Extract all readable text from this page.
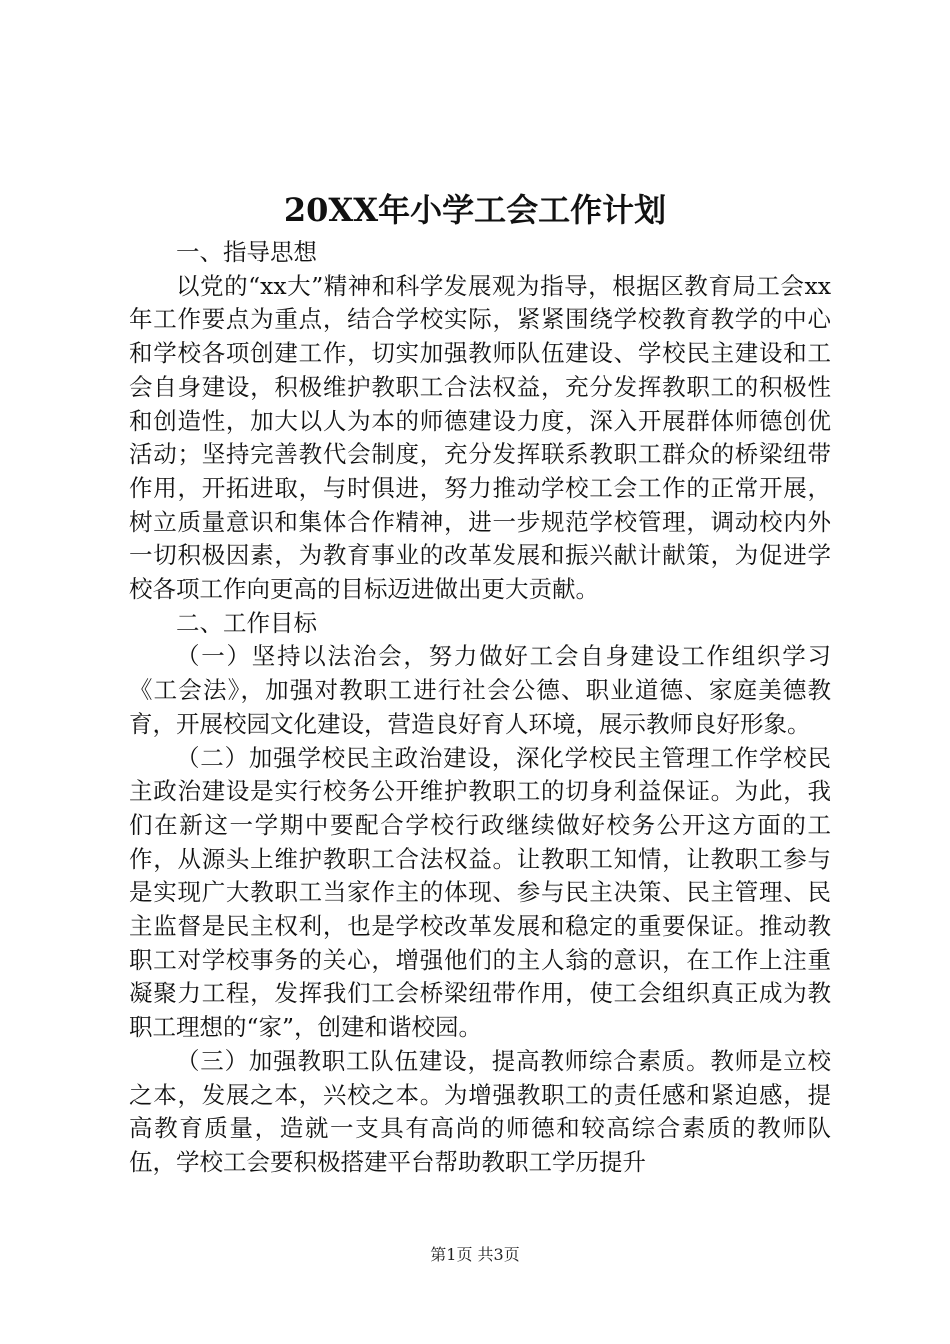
20XX年小学工会工作计划

一、指导思想

以党的“xx大”精神和科学发展观为指导，根据区教育局工会xx年工作要点为重点，结合学校实际，紧紧围绕学校教育教学的中心和学校各项创建工作，切实加强教师队伍建设、学校民主建设和工会自身建设，积极维护教职工合法权益，充分发挥教职工的积极性和创造性，加大以人为本的师德建设力度，深入开展群体师德创优活动；坚持完善教代会制度，充分发挥联系教职工群众的桥梁纽带作用，开拓进取，与时俱进，努力推动学校工会工作的正常开展，树立质量意识和集体合作精神，进一步规范学校管理，调动校内外一切积极因素，为教育事业的改革发展和振兴献计献策，为促进学校各项工作向更高的目标迈进做出更大贡献。

二、工作目标

（一）坚持以法治会，努力做好工会自身建设工作组织学习《工会法》，加强对教职工进行社会公德、职业道德、家庭美德教育，开展校园文化建设，营造良好育人环境，展示教师良好形象。

（二）加强学校民主政治建设，深化学校民主管理工作学校民主政治建设是实行校务公开维护教职工的切身利益保证。为此，我们在新这一学期中要配合学校行政继续做好校务公开这方面的工作，从源头上维护教职工合法权益。让教职工知情，让教职工参与是实现广大教职工当家作主的体现、参与民主决策、民主管理、民主监督是民主权利，也是学校改革发展和稳定的重要保证。推动教职工对学校事务的关心，增强他们的主人翁的意识，在工作上注重凝聚力工程，发挥我们工会桥梁纽带作用，使工会组织真正成为教职工理想的“家”，创建和谐校园。

（三）加强教职工队伍建设，提高教师综合素质。教师是立校之本，发展之本，兴校之本。为增强教职工的责任感和紧迫感，提高教育质量，造就一支具有高尚的师德和较高综合素质的教师队伍，学校工会要积极搭建平台帮助教职工学历提升

第1页 共3页
